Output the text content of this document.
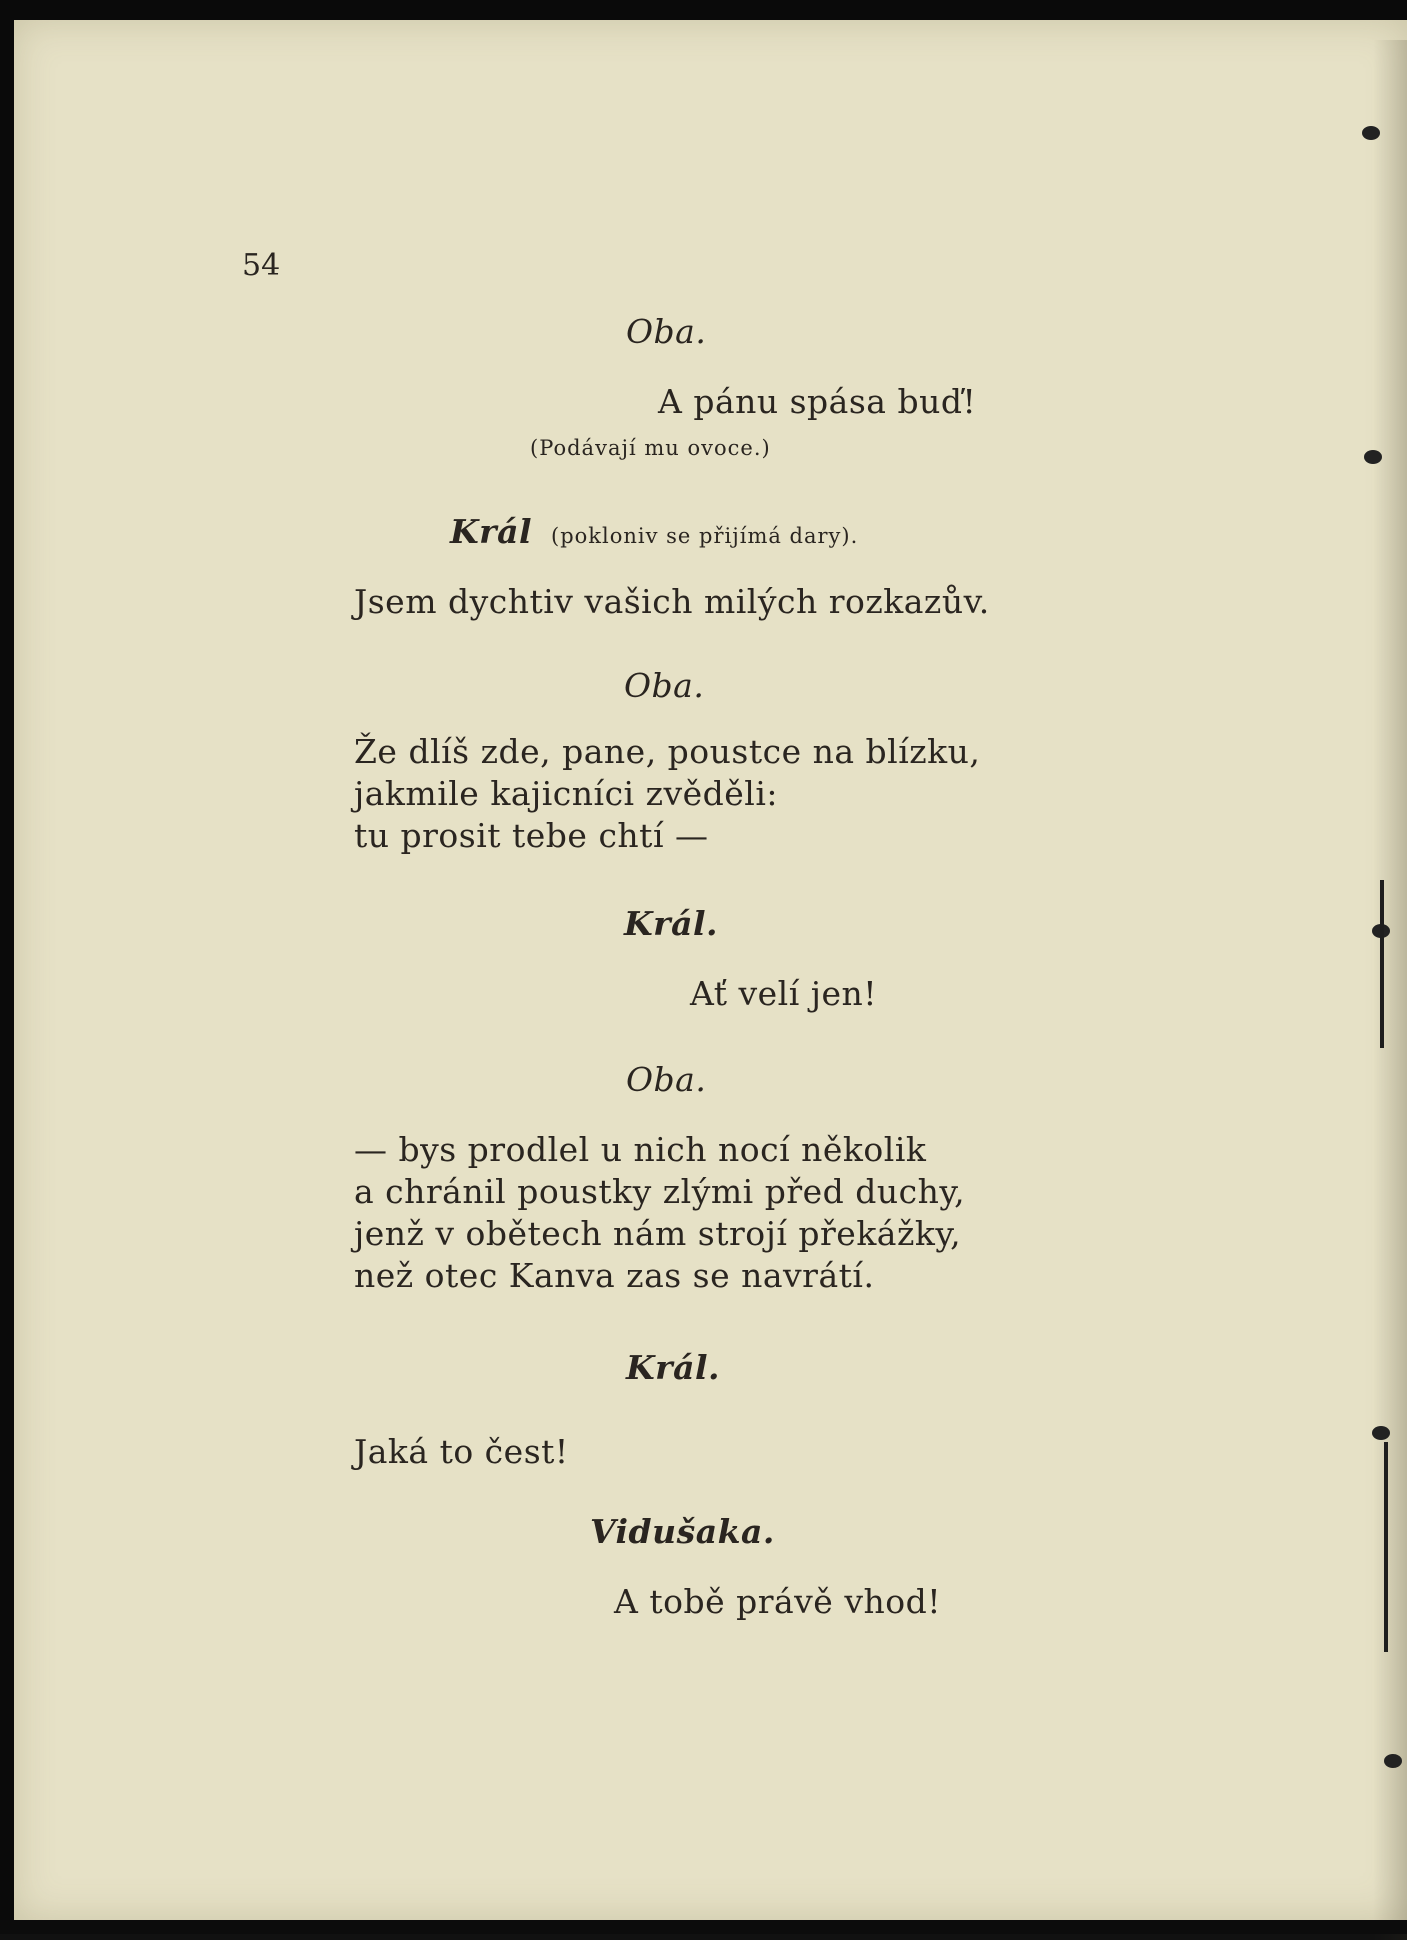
54
Oba.
A pánu spása buď!
(Podávají mu ovoce.)
Král (pokloniv se přijímá dary).
Jsem dychtiv vašich milých rozkazův.
Oba.
Že dlíš zde, pane, poustce na blízku,
jakmile kajicníci zvěděli:
tu prosit tebe chtí —
Král.
Ať velí jen!
Oba.
— bys prodlel u nich nocí několik
a chránil poustky zlými před duchy,
jenž v obětech nám strojí překážky,
než otec Kanva zas se navrátí.
Král.
Jaká to čest!
Vidušaka.
A tobě právě vhod!
